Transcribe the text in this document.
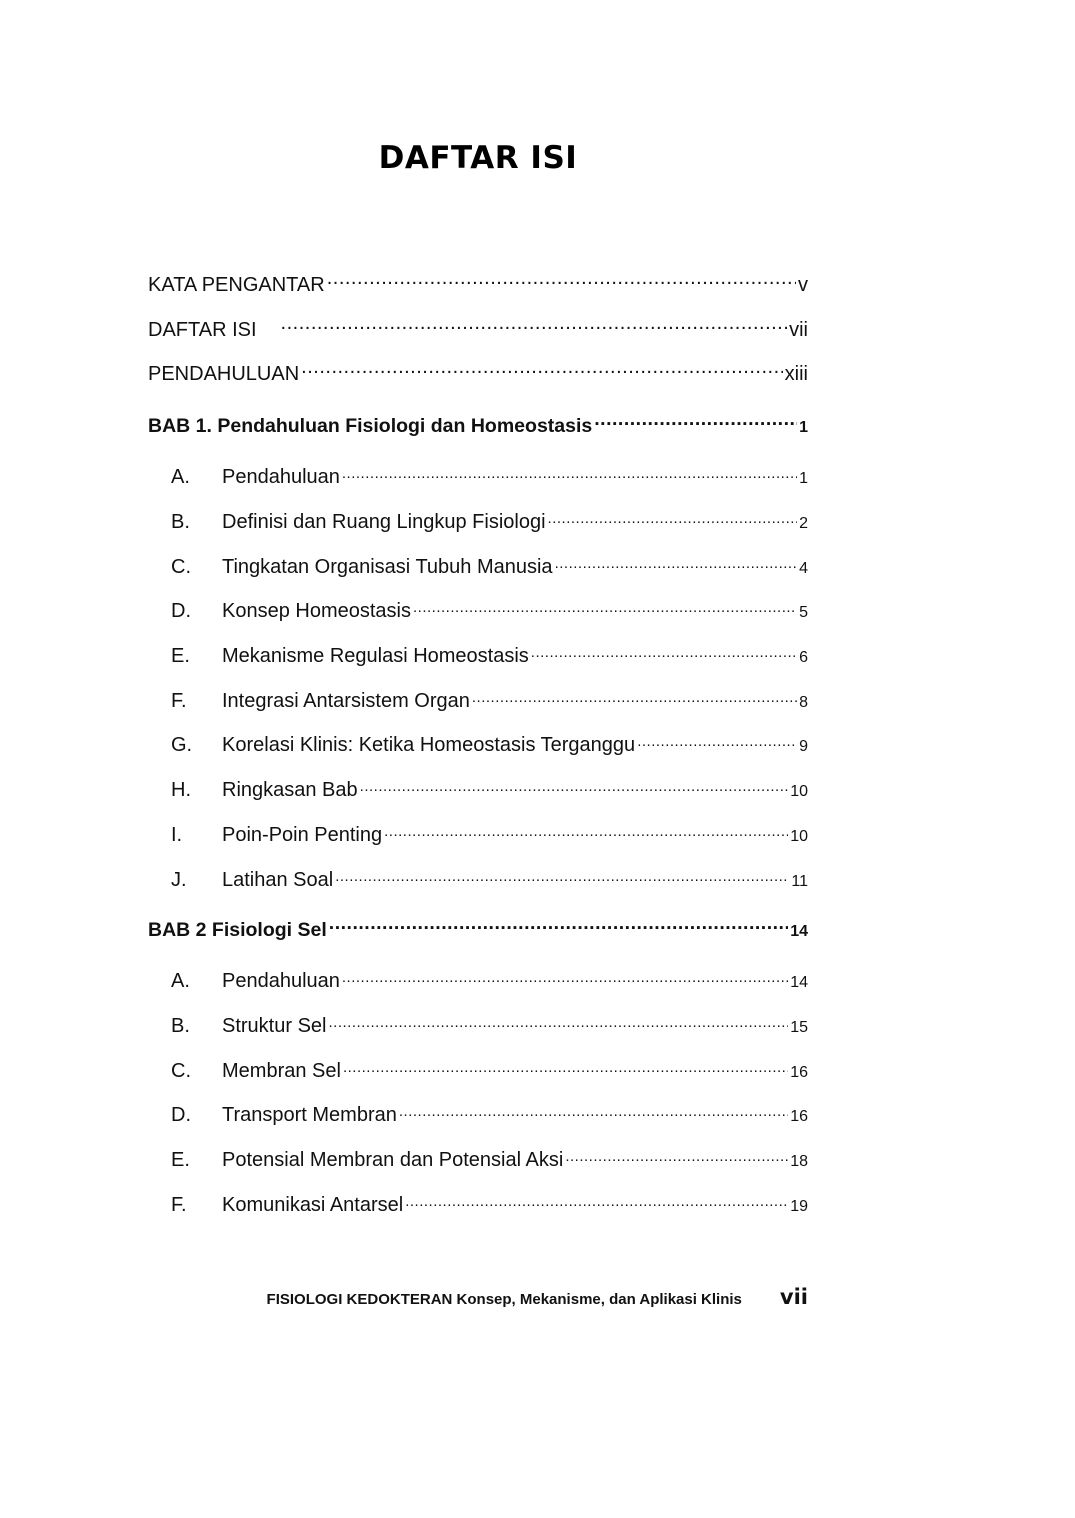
DAFTAR ISI
KATA PENGANTAR .....	v
DAFTAR ISI .....	vii
PENDAHULUAN .....	xiii
BAB 1. Pendahuluan Fisiologi dan Homeostasis .....	1
A.	Pendahuluan .....	1
B.	Definisi dan Ruang Lingkup Fisiologi .....	2
C.	Tingkatan Organisasi Tubuh Manusia .....	4
D.	Konsep Homeostasis .....	5
E.	Mekanisme Regulasi Homeostasis .....	6
F.	Integrasi Antarsistem Organ .....	8
G.	Korelasi Klinis: Ketika Homeostasis Terganggu .....	9
H.	Ringkasan Bab .....	10
I.	Poin-Poin Penting .....	10
J.	Latihan Soal .....	11
BAB 2 Fisiologi Sel .....	14
A.	Pendahuluan .....	14
B.	Struktur Sel .....	15
C.	Membran Sel .....	16
D.	Transport Membran .....	16
E.	Potensial Membran dan Potensial Aksi .....	18
F.	Komunikasi Antarsel .....	19
FISIOLOGI KEDOKTERAN Konsep, Mekanisme, dan Aplikasi Klinis vii
